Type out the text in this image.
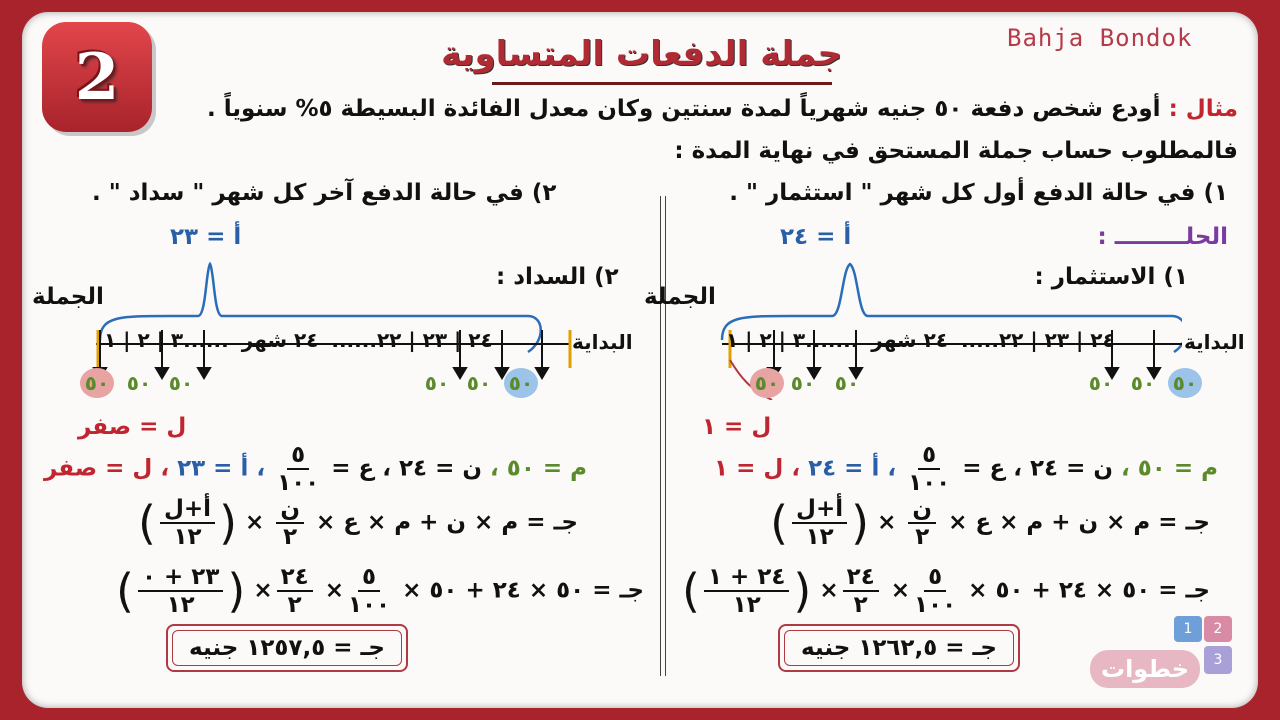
2	جملة الدفعات المتساوية	Bahja Bondok
مثال : أودع شخص دفعة ٥٠ جنيه شهرياً لمدة سنتين وكان معدل الفائدة البسيطة ٥% سنوياً .
فالمطلوب حساب جملة المستحق في نهاية المدة :
١) في حالة الدفع أول كل شهر " استثمار " .
الحلـــــــــ :
أ = ٢٤
١) الاستثمار :
الجملة
البداية
٢٤ | ٢٣ | ٢٢..... ٢٤ شهر .......٣ | ٢ | ١
٥٠ ٥٠ ٥٠	٥٠ ٥٠ ٥٠
ل = ١
م = ٥٠ ، ن = ٢٤ ، ع =
$\frac{٥}{١٠٠}$
، أ = ٢٤ ، ل = ١
جـ = م × ن + م × ع ×
$\frac{\text{ن}}{٢}$
× (
$\frac{\text{أ+ل}}{١٢}$
)
جـ = ٥٠ × ٢٤ + ٥٠ ×
$\frac{٥}{١٠٠}$
×
$\frac{٢٤}{٢}$
× (
$\frac{٢٤ + ١}{١٢}$
)
جـ = ١٢٦٢,٥ جنيه
٢) في حالة الدفع آخر كل شهر " سداد " .
أ = ٢٣
٢) السداد :
الجملة
البداية
٢٤ | ٢٣ | ٢٢...... ٢٤ شهر ......٣ | ٢ | ١
٥٠ ٥٠ ٥٠	٥٠ ٥٠ ٥٠
ل = صفر
م = ٥٠ ، ن = ٢٤ ، ع =
$\frac{٥}{١٠٠}$
، أ = ٢٣ ، ل = صفر
جـ = م × ن + م × ع ×
$\frac{\text{ن}}{٢}$
× (
$\frac{\text{أ+ل}}{١٢}$
)
جـ = ٥٠ × ٢٤ + ٥٠ ×
$\frac{٥}{١٠٠}$
×
$\frac{٢٤}{٢}$
× (
$\frac{٢٣ + ٠}{١٢}$
)
جـ = ١٢٥٧,٥ جنيه
1	2
3
خطوات
